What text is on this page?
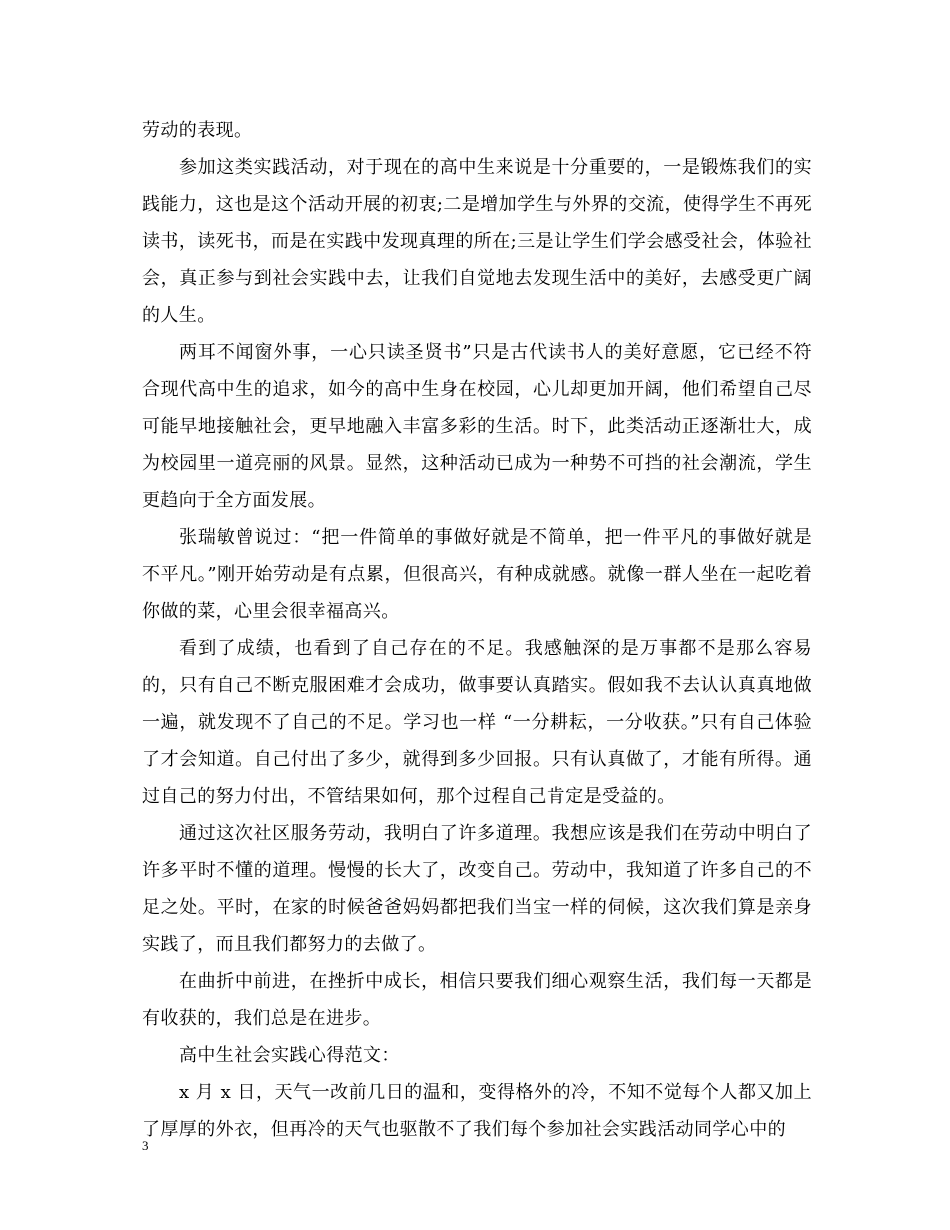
劳动的表现。

参加这类实践活动，对于现在的高中生来说是十分重要的，一是锻炼我们的实践能力，这也是这个活动开展的初衷;二是增加学生与外界的交流，使得学生不再死读书，读死书，而是在实践中发现真理的所在;三是让学生们学会感受社会，体验社会，真正参与到社会实践中去，让我们自觉地去发现生活中的美好，去感受更广阔的人生。

两耳不闻窗外事，一心只读圣贤书”只是古代读书人的美好意愿，它已经不符合现代高中生的追求，如今的高中生身在校园，心儿却更加开阔，他们希望自己尽可能早地接触社会，更早地融入丰富多彩的生活。时下，此类活动正逐渐壮大，成为校园里一道亮丽的风景。显然，这种活动已成为一种势不可挡的社会潮流，学生更趋向于全方面发展。

张瑞敏曾说过：“把一件简单的事做好就是不简单，把一件平凡的事做好就是不平凡。”刚开始劳动是有点累，但很高兴，有种成就感。就像一群人坐在一起吃着你做的菜，心里会很幸福高兴。

看到了成绩，也看到了自己存在的不足。我感触深的是万事都不是那么容易的，只有自己不断克服困难才会成功，做事要认真踏实。假如我不去认认真真地做一遍，就发现不了自己的不足。学习也一样 “一分耕耘，一分收获。”只有自己体验了才会知道。自己付出了多少，就得到多少回报。只有认真做了，才能有所得。通过自己的努力付出，不管结果如何，那个过程自己肯定是受益的。

通过这次社区服务劳动，我明白了许多道理。我想应该是我们在劳动中明白了许多平时不懂的道理。慢慢的长大了，改变自己。劳动中，我知道了许多自己的不足之处。平时，在家的时候爸爸妈妈都把我们当宝一样的伺候，这次我们算是亲身实践了，而且我们都努力的去做了。

在曲折中前进，在挫折中成长，相信只要我们细心观察生活，我们每一天都是有收获的，我们总是在进步。

高中生社会实践心得范文：

x 月 x 日，天气一改前几日的温和，变得格外的冷，不知不觉每个人都又加上了厚厚的外衣，但再冷的天气也驱散不了我们每个参加社会实践活动同学心中的

3
